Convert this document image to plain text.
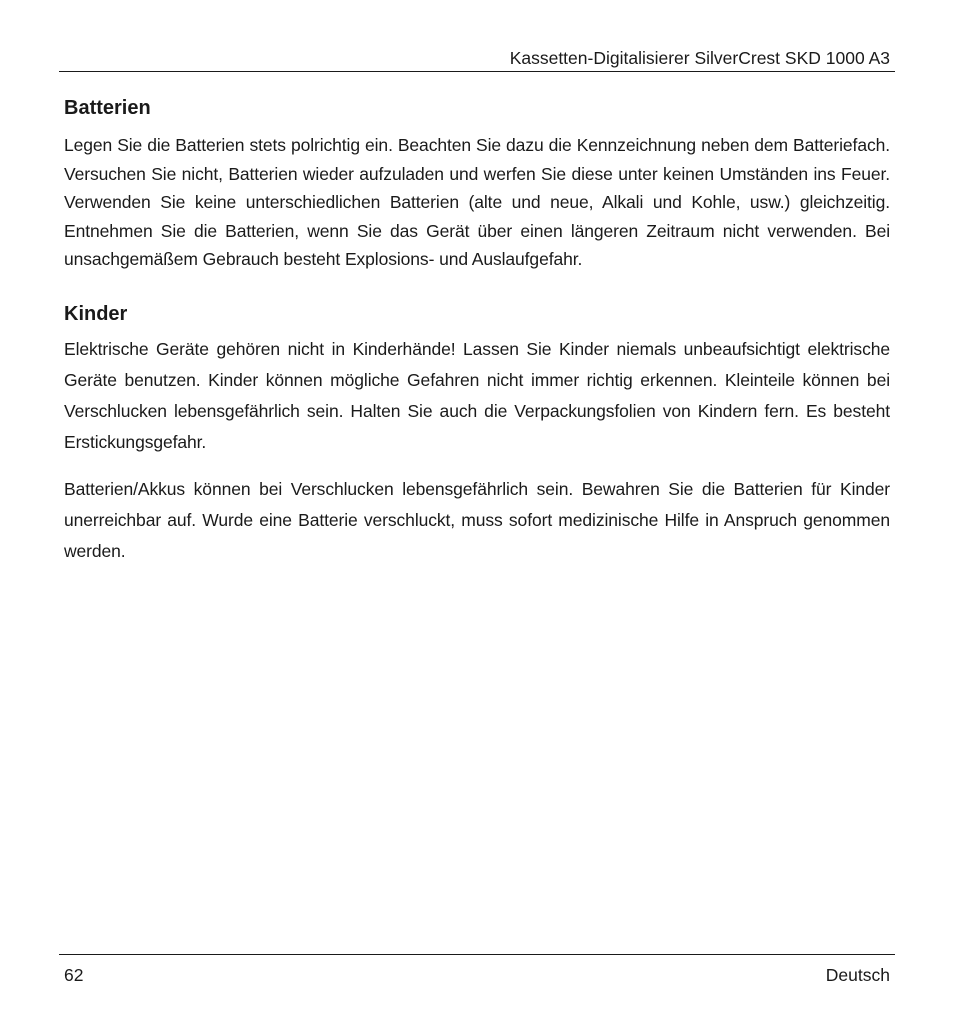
Kassetten-Digitalisierer SilverCrest SKD 1000 A3
Batterien

Legen Sie die Batterien stets polrichtig ein. Beachten Sie dazu die Kennzeichnung neben dem Batteriefach. Versuchen Sie nicht, Batterien wieder aufzuladen und werfen Sie diese unter keinen Umständen ins Feuer. Verwenden Sie keine unterschiedlichen Batterien (alte und neue, Alkali und Kohle, usw.) gleichzeitig. Entnehmen Sie die Batterien, wenn Sie das Gerät über einen längeren Zeitraum nicht verwenden. Bei unsachgemäßem Gebrauch besteht Explosions- und Auslaufgefahr.

Kinder

Elektrische Geräte gehören nicht in Kinderhände! Lassen Sie Kinder niemals unbeaufsichtigt elektrische Geräte benutzen. Kinder können mögliche Gefahren nicht immer richtig erkennen. Kleinteile können bei Verschlucken lebensgefährlich sein. Halten Sie auch die Verpackungsfolien von Kindern fern. Es besteht Erstickungsgefahr.

Batterien/Akkus können bei Verschlucken lebensgefährlich sein. Bewahren Sie die Batterien für Kinder unerreichbar auf. Wurde eine Batterie verschluckt, muss sofort medizinische Hilfe in Anspruch genommen werden.

62	Deutsch
